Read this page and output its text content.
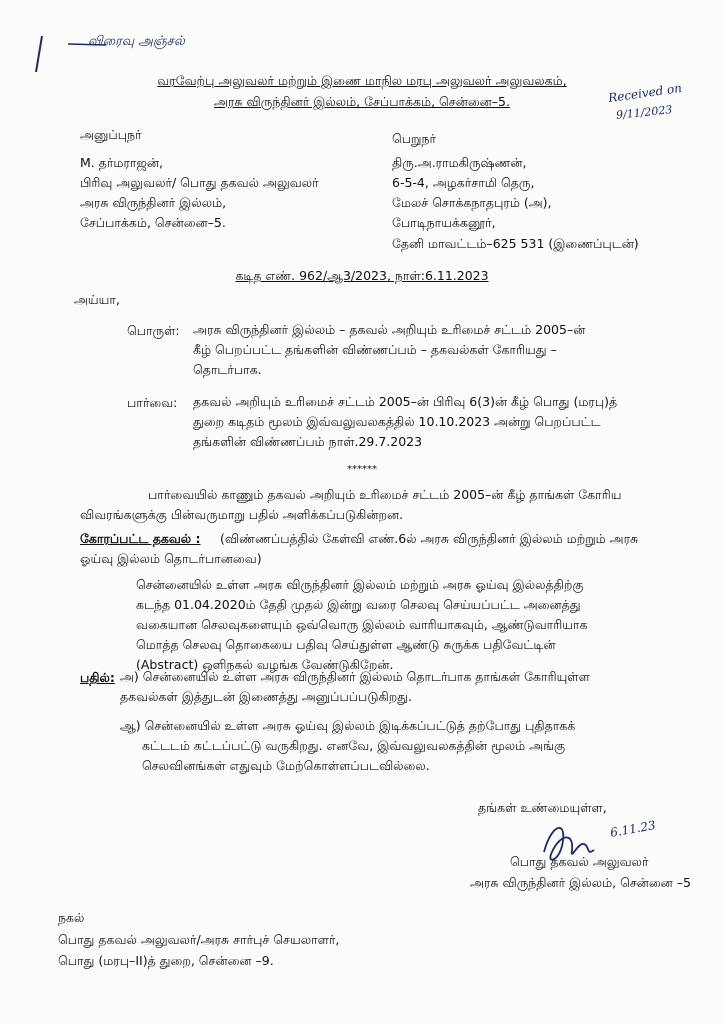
விரைவு அஞ்சல்
Received on
9/11/2023
வரவேற்பு அலுவலர் மற்றும் இணை மாநில மரபு அலுவலர் அலுவலகம்,
அரசு விருந்தினர் இல்லம், சேப்பாக்கம், சென்னை–5.
அனுப்புநர்
M. தர்மராஜன்,
பிரிவு அலுவலர்/ பொது தகவல் அலுவலர்
அரசு விருந்தினர் இல்லம்,
சேப்பாக்கம், சென்னை–5.
பெறுநர்
திரு.அ.ராமகிருஷ்ணன்,
6-5-4, அழகர்சாமி தெரு,
மேலச் சொக்கநாதபுரம் (அ),
போடிநாயக்கனூர்,
தேனி மாவட்டம்–625 531 (இணைப்புடன்)
கடித எண். 962/ஆ3/2023, நாள்:6.11.2023
அய்யா,
பொருள்: அரசு விருந்தினர் இல்லம் – தகவல் அறியும் உரிமைச் சட்டம் 2005–ன்
கீழ் பெறப்பட்ட தங்களின் விண்ணப்பம் – தகவல்கள் கோரியது –
தொடர்பாக.
பார்வை: தகவல் அறியும் உரிமைச் சட்டம் 2005–ன் பிரிவு 6(3)ன் கீழ் பொது (மரபு)த்
துறை கடிதம் மூலம் இவ்வலுவலகத்தில் 10.10.2023 அன்று பெறப்பட்ட
தங்களின் விண்ணப்பம் நாள்.29.7.2023
******
பார்வையில் காணும் தகவல் அறியும் உரிமைச் சட்டம் 2005–ன் கீழ் தாங்கள் கோரிய
விவரங்களுக்கு பின்வருமாறு பதில் அளிக்கப்படுகின்றன.
கோரப்பட்ட தகவல் : (விண்ணப்பத்தில் கேள்வி எண்.6ல் அரசு விருந்தினர் இல்லம் மற்றும் அரசு
ஓய்வு இல்லம் தொடர்பானவை)
சென்னையில் உள்ள அரசு விருந்தினர் இல்லம் மற்றும் அரசு ஓய்வு இல்லத்திற்கு
கடந்த 01.04.2020ம் தேதி முதல் இன்று வரை செலவு செய்யப்பட்ட அனைத்து
வகையான செலவுகளையும் ஒவ்வொரு இல்லம் வாரியாகவும், ஆண்டுவாரியாக
மொத்த செலவு தொகையை பதிவு செய்துள்ள ஆண்டு சுருக்க பதிவேட்டின்
(Abstract) ஒளிநகல் வழங்க வேண்டுகிறேன்.
பதில்: அ) சென்னையில் உள்ள அரசு விருந்தினர் இல்லம் தொடர்பாக தாங்கள் கோரியுள்ள
தகவல்கள் இத்துடன் இணைத்து அனுப்பப்படுகிறது.
ஆ) சென்னையில் உள்ள அரசு ஓய்வு இல்லம் இடிக்கப்பட்டுத் தற்போது புதிதாகக்
கட்டடம் கட்டப்பட்டு வருகிறது. எனவே, இவ்வலுவலகத்தின் மூலம் அங்கு
செலவினங்கள் எதுவும் மேற்கொள்ளப்படவில்லை.
தங்கள் உண்மையுள்ள,
6.11.23
பொது தகவல் அலுவலர்
அரசு விருந்தினர் இல்லம், சென்னை –5
நகல்
பொது தகவல் அலுவலர்/அரசு சார்புச் செயலாளர்,
பொது (மரபு–II)த் துறை, சென்னை –9.
